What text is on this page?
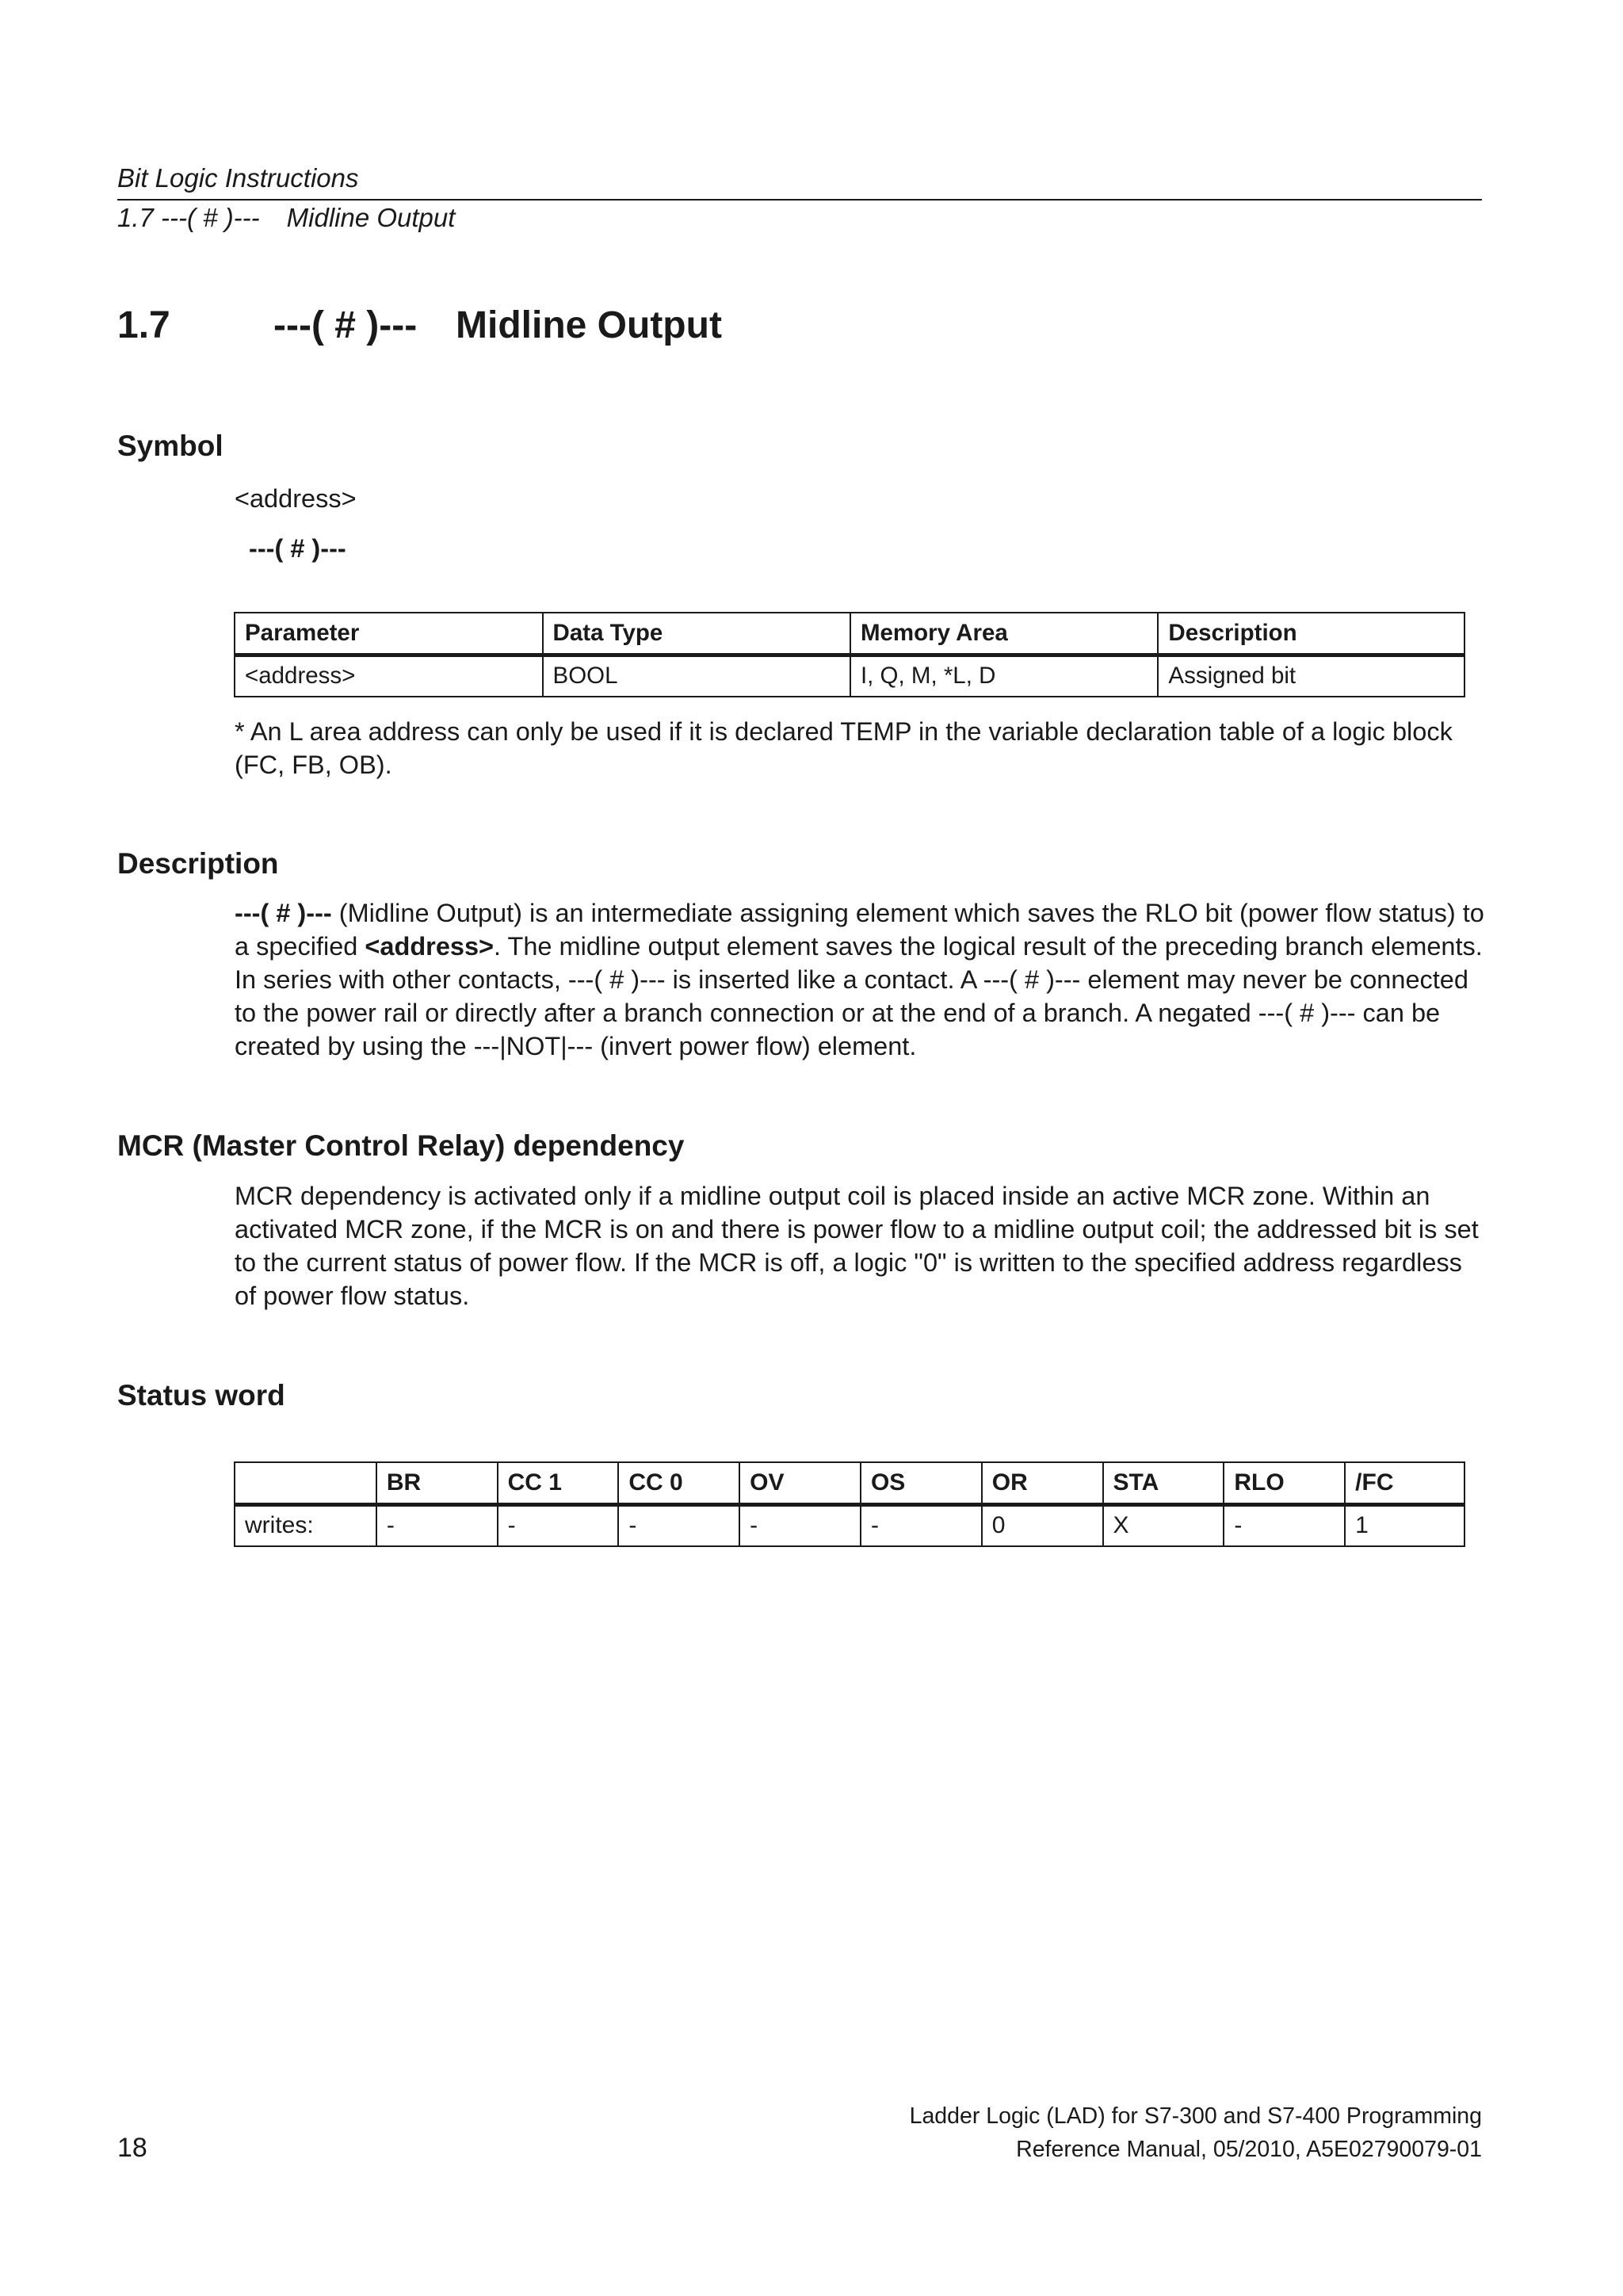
Bit Logic Instructions
1.7 ---( # )--- Midline Output
1.7	---( # )--- Midline Output
Symbol
<address>
---( # )---
Parameter	Data Type	Memory Area	Description
<address>	BOOL	I, Q, M, *L, D	Assigned bit
* An L area address can only be used if it is declared TEMP in the variable declaration table of a logic block (FC, FB, OB).
Description
---( # )--- (Midline Output) is an intermediate assigning element which saves the RLO bit (power flow status) to a specified <address>. The midline output element saves the logical result of the preceding branch elements. In series with other contacts, ---( # )--- is inserted like a contact. A ---( # )--- element may never be connected to the power rail or directly after a branch connection or at the end of a branch. A negated ---( # )--- can be created by using the ---|NOT|--- (invert power flow) element.
MCR (Master Control Relay) dependency
MCR dependency is activated only if a midline output coil is placed inside an active MCR zone. Within an activated MCR zone, if the MCR is on and there is power flow to a midline output coil; the addressed bit is set to the current status of power flow. If the MCR is off, a logic "0" is written to the specified address regardless of power flow status.
Status word
	BR	CC 1	CC 0	OV	OS	OR	STA	RLO	/FC
writes:	-	-	-	-	-	0	X	-	1
18
Ladder Logic (LAD) for S7-300 and S7-400 Programming
Reference Manual, 05/2010, A5E02790079-01
